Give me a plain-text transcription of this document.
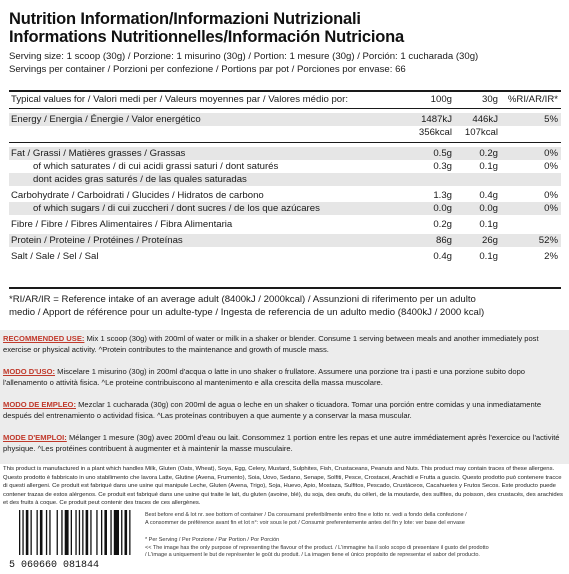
Nutrition Information/Informazioni Nutrizionali
Informations Nutritionnelles/Información Nutriciona
Serving size: 1 scoop (30g) / Porzione: 1 misurino (30g) / Portion: 1 mesure (30g) / Porción: 1 cucharada (30g)
Servings per container / Porzioni per confezione / Portions par pot / Porciones por envase: 66
Typical values for / Valori medi per / Valeurs moyennes par / Valores médio por:	100g	30g %RI/AR/IR*
Energy / Energia / Énergie / Valor energético	1487kJ 446kJ	5%
356kcal 107kcal
Fat / Grassi / Matières grasses / Grassas	0.5g	0.2g	0%
of which saturates / di cui acidi grassi saturi / dont saturés	0.3g	0.1g	0%
dont acides gras saturés / de las quales saturadas
Carbohydrate / Carboidrati / Glucides / Hidratos de carbono	1.3g	0.4g	0%
of which sugars / di cui zuccheri / dont sucres / de los que azúcares	0.0g	0.0g	0%
Fibre / Fibre / Fibres Alimentaires / Fibra Alimentaria	0.2g	0.1g
Protein / Proteine / Protéines / Proteínas	86g	26g	52%
Salt / Sale / Sel / Sal	0.4g	0.1g	2%
*RI/AR/IR = Reference intake of an average adult (8400kJ / 2000kcal) / Assunzioni di riferimento per un adulto
medio / Apport de référence pour un adulte-type / Ingesta de referencia de un adulto medio (8400kJ / 2000 kcal)
RECOMMENDED USE: Mix 1 scoop (30g) with 200ml of water or milk in a shaker or blender. Consume 1 serving between meals and another immediately post exercise or physical activity. ^Protein contributes to the maintenance and growth of muscle mass.
MODO D'USO: Miscelare 1 misurino (30g) in 200ml d'acqua o latte in uno shaker o frullatore. Assumere una porzione tra i pasti e una porzione subito dopo l'allenamento o attività fisica. ^Le proteine contribuiscono al mantenimento e alla crescita della massa muscolare.
MODO DE EMPLEO: Mezclar 1 cucharada (30g) con 200ml de agua o leche en un shaker o ticuadora. Tomar una porción entre comidas y una inmediatamente después del entrenamiento o actividad física. ^Las proteínas contribuyen a que aumente y a conservar la masa muscular.
MODE D'EMPLOI: Mélanger 1 mesure (30g) avec 200ml d'eau ou lait. Consommez 1 portion entre les repas et une autre immédiatement après l'exercice ou l'activité physique. ^Les protéines contribuent à augmenter et à maintenir la masse musculaire.
This product is manufactured in a plant which handles Milk, Gluten (Oats, Wheat), Soya, Egg, Celery, Mustard, Sulphites, Fish, Crustaceans, Peanuts and Nuts. This product may contain traces of these allergens. Questo prodotto è fabbricato in uno stabilimento che lavora Latte, Glutine (Avena, Frumento), Soia, Uovo, Sedano, Senape, Solfiti, Pesce, Crostacei, Arachidi e Frutta a guscio. Questo prodotto può contenere tracce di questi allergeni. Ce produit est fabriqué dans une usine qui manipule Leche, Gluten (Avena, Trigo), Soja, Huevo, Apio, Mostaza, Sulfitos, Pescado, Crustáceos, Cacahuetes y Frutos Secos. Este producto puede contener trazas de estos alérgenos. Ce produit est fabriqué dans une usine qui traite le lait, du gluten (avoine, blé), du soja, des œufs, du céleri, de la moutarde, des sulfites, du poisson, des crustacés, des arachides et des fruits à coque. Ce produit peut contenir des traces de ces allergènes.
5 060660 081844
Best before end & lot nr. see bottom of container / Da consumarsi preferibilmente entro fine e lotto nr. vedi a fondo della confezione /
A consommer de préférence avant fin et lot n°: voir sous le pot / Consumir preferentemente antes del fin y lote: ver base del envase
* Per Serving / Per Porzione / Par Portion / Por Porción
<< The image has the only purpose of representing the flavour of the product. / L'immagine ha il solo scopo di presentare il gusto del prodotto
/ L'image a uniquement le but de représenter le goût du produit. / La imagen tiene el único propósito de representar el sabor del producto.
